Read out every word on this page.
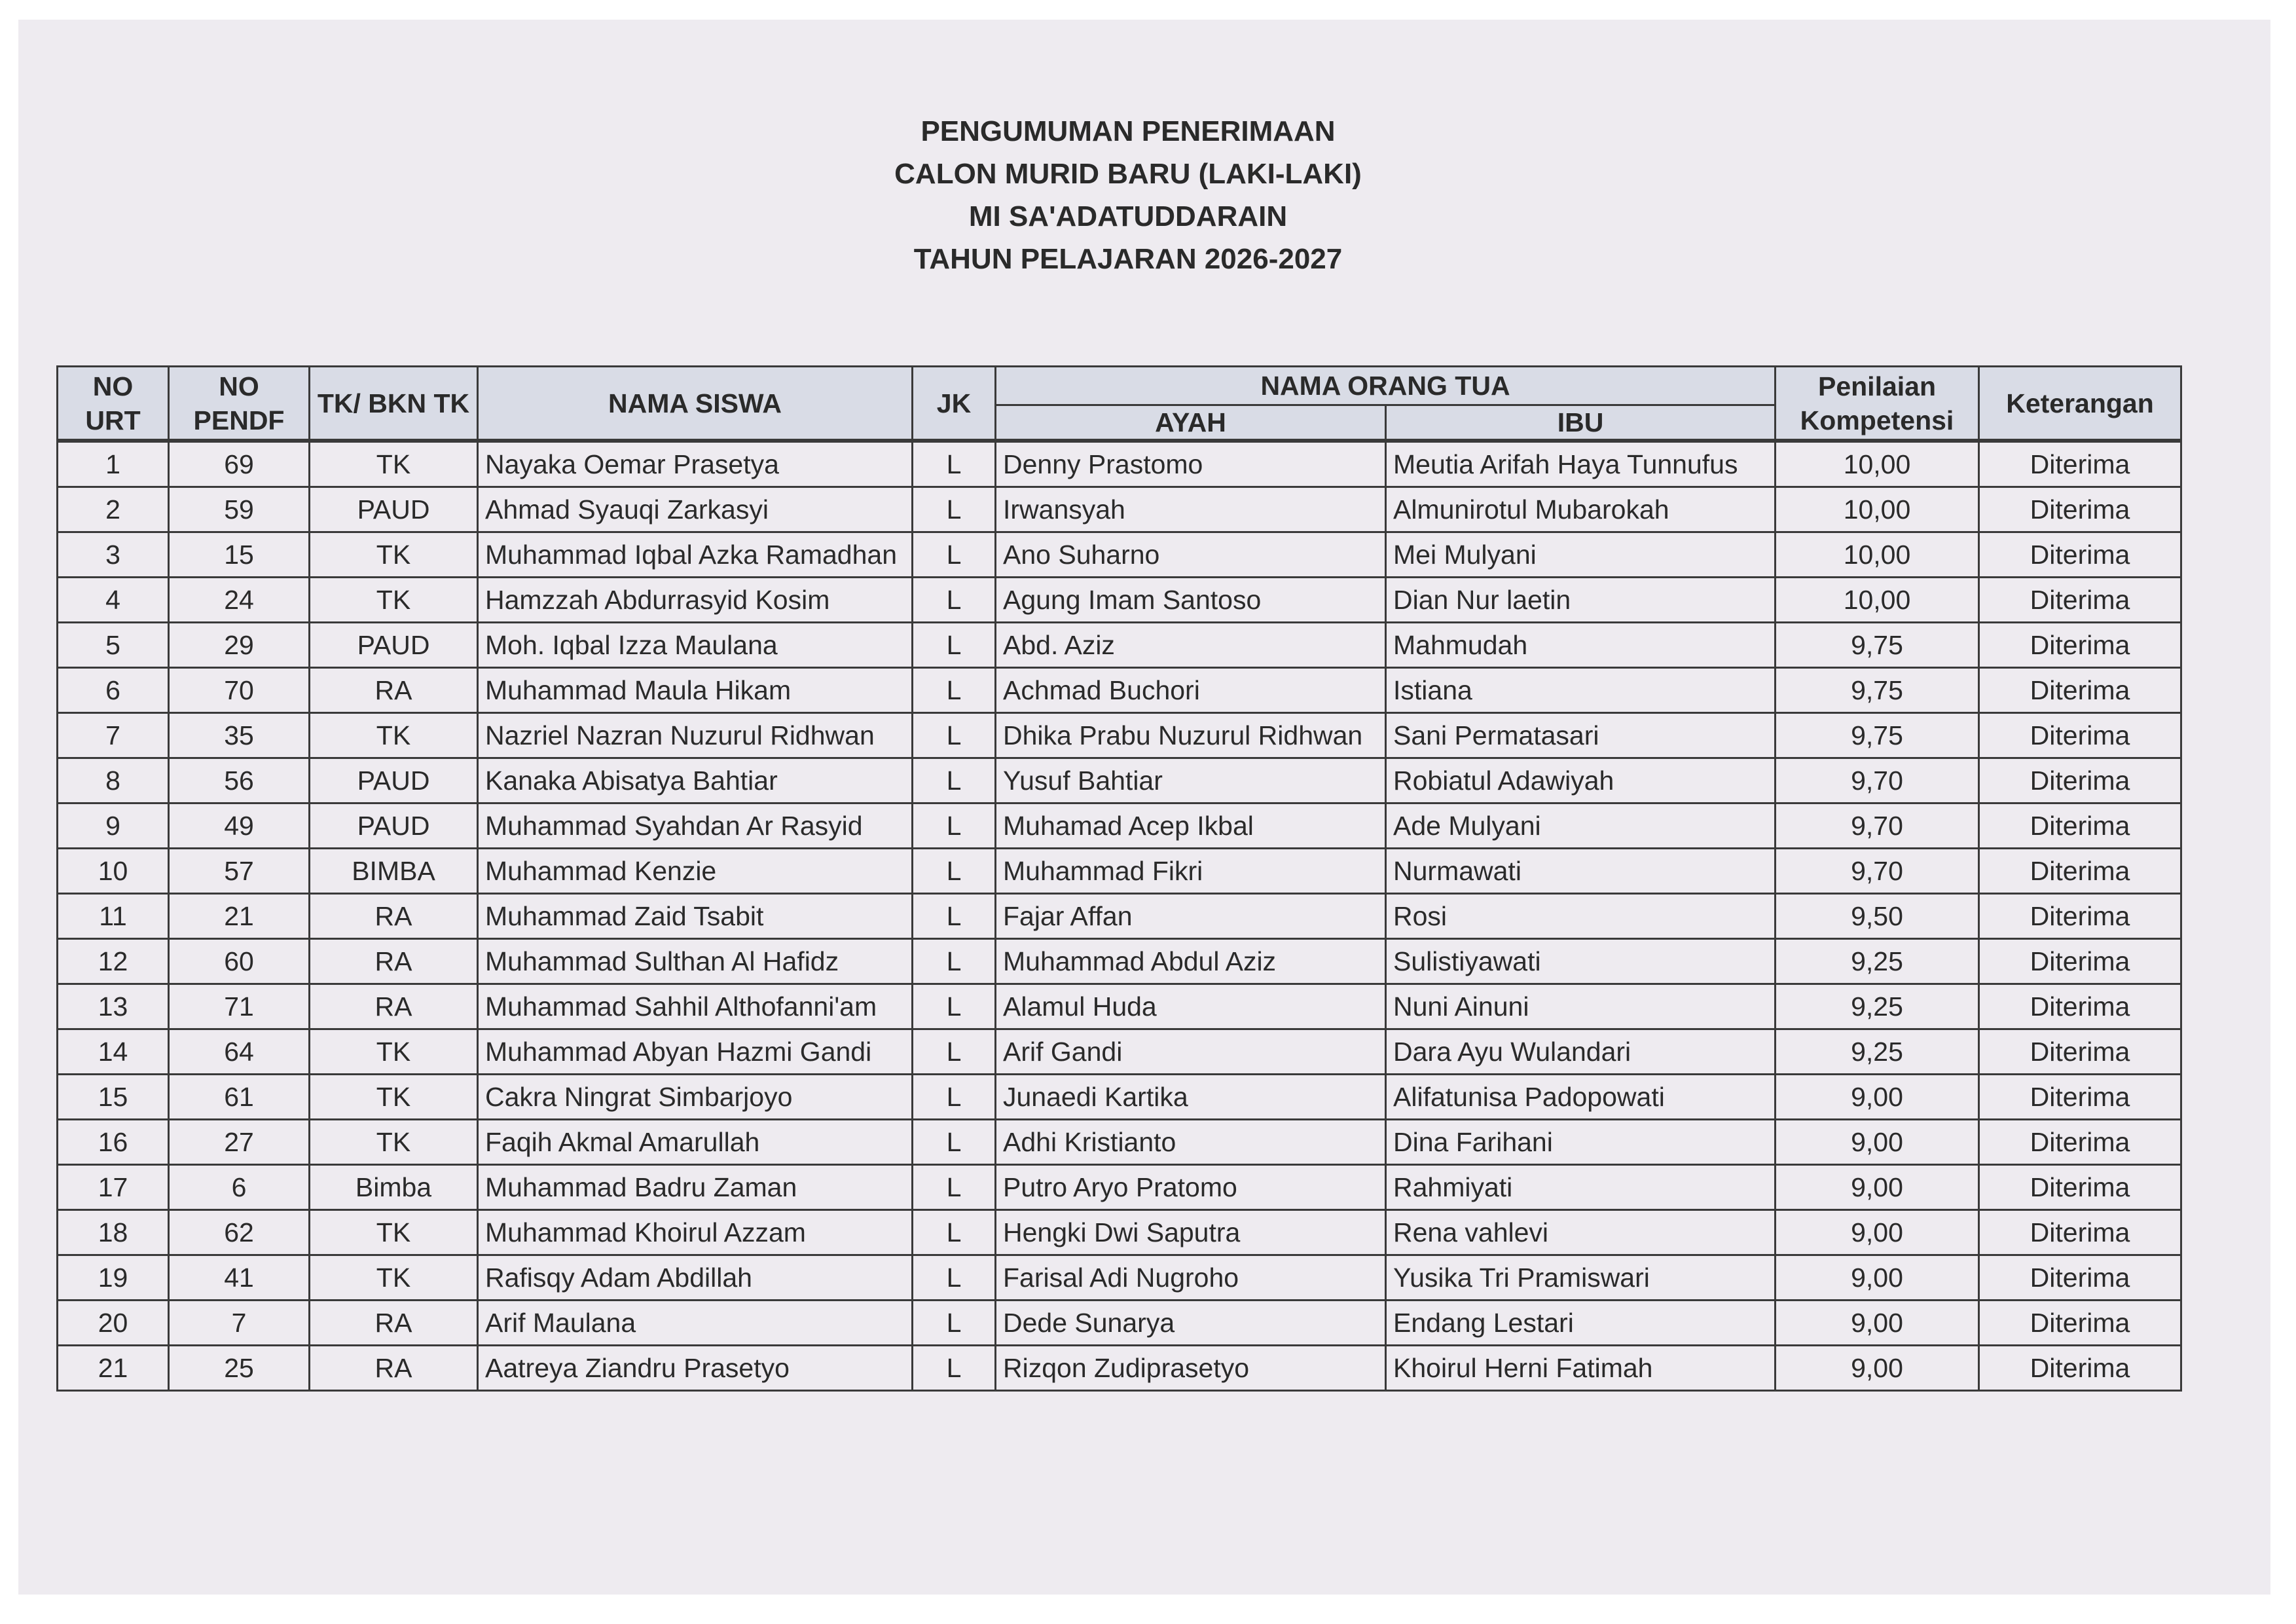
PENGUMUMAN PENERIMAAN
CALON MURID BARU (LAKI-LAKI)
MI SA'ADATUDDARAIN
TAHUN PELAJARAN 2026-2027
NO URT	NO PENDF	TK/ BKN TK	NAMA SISWA	JK	NAMA ORANG TUA		Penilaian Kompetensi	Keterangan
					AYAH	IBU		
1	69	TK	Nayaka Oemar Prasetya	L	Denny Prastomo	Meutia Arifah Haya Tunnufus	10,00	Diterima
2	59	PAUD	Ahmad Syauqi Zarkasyi	L	Irwansyah	Almunirotul Mubarokah	10,00	Diterima
3	15	TK	Muhammad Iqbal Azka Ramadhan	L	Ano Suharno	Mei Mulyani	10,00	Diterima
4	24	TK	Hamzzah Abdurrasyid Kosim	L	Agung Imam Santoso	Dian Nur laetin	10,00	Diterima
5	29	PAUD	Moh. Iqbal Izza Maulana	L	Abd. Aziz	Mahmudah	9,75	Diterima
6	70	RA	Muhammad Maula Hikam	L	Achmad Buchori	Istiana	9,75	Diterima
7	35	TK	Nazriel Nazran Nuzurul Ridhwan	L	Dhika Prabu Nuzurul Ridhwan	Sani Permatasari	9,75	Diterima
8	56	PAUD	Kanaka Abisatya Bahtiar	L	Yusuf Bahtiar	Robiatul Adawiyah	9,70	Diterima
9	49	PAUD	Muhammad Syahdan Ar Rasyid	L	Muhamad Acep Ikbal	Ade Mulyani	9,70	Diterima
10	57	BIMBA	Muhammad Kenzie	L	Muhammad Fikri	Nurmawati	9,70	Diterima
11	21	RA	Muhammad Zaid Tsabit	L	Fajar Affan	Rosi	9,50	Diterima
12	60	RA	Muhammad Sulthan Al Hafidz	L	Muhammad Abdul Aziz	Sulistiyawati	9,25	Diterima
13	71	RA	Muhammad Sahhil Althofanni'am	L	Alamul Huda	Nuni Ainuni	9,25	Diterima
14	64	TK	Muhammad Abyan Hazmi Gandi	L	Arif Gandi	Dara Ayu Wulandari	9,25	Diterima
15	61	TK	Cakra Ningrat Simbarjoyo	L	Junaedi Kartika	Alifatunisa Padopowati	9,00	Diterima
16	27	TK	Faqih Akmal Amarullah	L	Adhi Kristianto	Dina Farihani	9,00	Diterima
17	6	Bimba	Muhammad Badru Zaman	L	Putro Aryo Pratomo	Rahmiyati	9,00	Diterima
18	62	TK	Muhammad Khoirul Azzam	L	Hengki Dwi Saputra	Rena vahlevi	9,00	Diterima
19	41	TK	Rafisqy Adam Abdillah	L	Farisal Adi Nugroho	Yusika Tri Pramiswari	9,00	Diterima
20	7	RA	Arif Maulana	L	Dede Sunarya	Endang Lestari	9,00	Diterima
21	25	RA	Aatreya Ziandru Prasetyo	L	Rizqon Zudiprasetyo	Khoirul Herni Fatimah	9,00	Diterima
